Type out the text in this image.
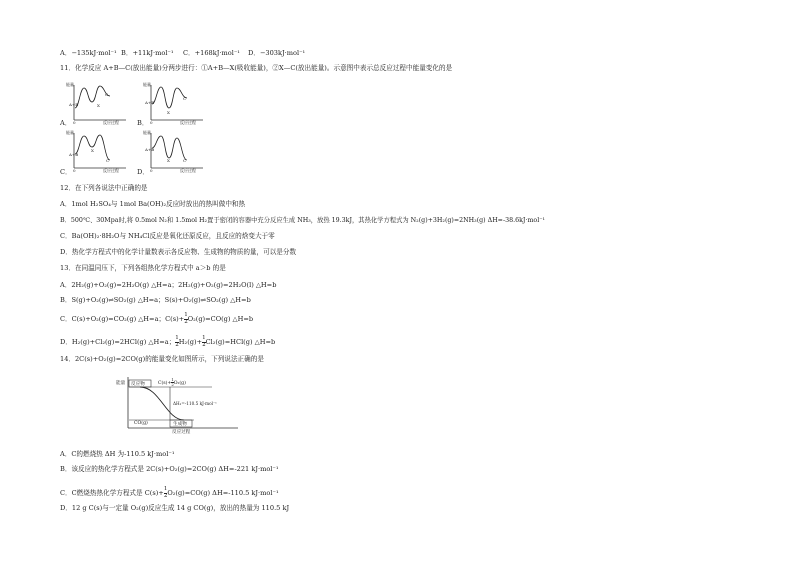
A．−135kJ·mol⁻¹ B．+11kJ·mol⁻¹ C．+168kJ·mol⁻¹ D．−303kJ·mol⁻¹
11．化学反应 A+B—C(放出能量)分两步进行：①A+B—X(吸收能量)，②X—C(放出能量)。示意图中表示总反应过程中能量变化的是
能量
A+B	X
C
0	反应过程
能量
A+B
X
C
0	反应过程
能量
A+B
X
C
0	反应过程
能量
A+B
X	C
0	反应过程
A．	B．
C．	D．
12．在下列各说法中正确的是
A．1mol H₂SO₄与 1mol Ba(OH)₂反应时放出的热叫做中和热
B．500℃、30Mpa时,将 0.5mol N₂和 1.5mol H₂置于密闭的容器中充分反应生成 NH₃，放热 19.3kJ，其热化学方程式为 N₂(g)+3H₂(g)=2NH₃(g) ΔH=-38.6kJ·mol⁻¹
C．Ba(OH)₂·8H₂O与 NH₄Cl反应是氧化还原反应，且反应的焓变大于零
D．热化学方程式中的化学计量数表示各反应物、生成物的物质的量，可以是分数
13．在同温同压下，下列各组热化学方程式中 a＞b 的是
A．2H₂(g)+O₂(g)=2H₂O(g) △H=a；2H₂(g)+O₂(g)=2H₂O(l) △H=b
B．S(g)+O₂(g)⇌SO₂(g) △H=a；S(s)+O₂(g)⇌SO₂(g) △H=b
C．C(s)+O₂(g)=CO₂(g) △H=a；$C(s)+ \frac{1}{2} O_2(g)=CO(g)$ △H=b
D．H₂(g)+Cl₂(g)=2HCl(g) △H=a； $\frac{1}{2} H_2(g)+ \frac{1}{2} Cl_2(g)=HCl(g)$ △H=b
14．2C(s)+O₂(g)=2CO(g)的能量变化如图所示，下列说法正确的是
能量 反应物	$C(s)+ \frac{1}{2} O_2(g)$
ΔH₁=-110.5 kJ·mol⁻¹
CO(g)	生成物
反应过程
A．C的燃烧热 ΔH 为-110.5 kJ·mol⁻¹
B．该反应的热化学方程式是 2C(s)+O₂(g)=2CO(g) ΔH=-221 kJ·mol⁻¹
C．C燃烧热热化学方程式是 $C(s)+ \frac{1}{2} O_2(g)=CO(g)$ ΔH=-110.5 kJ·mol⁻¹
D．12 g C(s)与一定量 O₂(g)反应生成 14 g CO(g)，放出的热量为 110.5 kJ
